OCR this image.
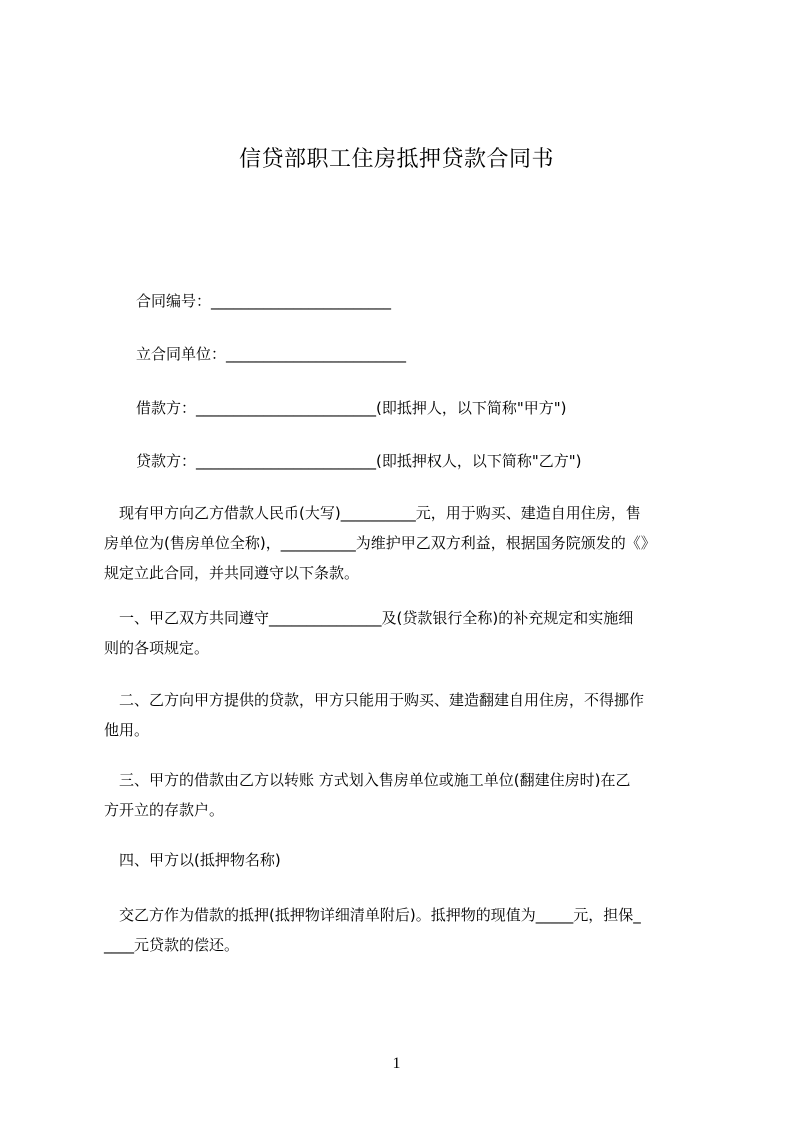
信贷部职工住房抵押贷款合同书
合同编号：________________________
立合同单位：________________________
借款方：________________________(即抵押人，以下简称"甲方")
贷款方：________________________(即抵押权人，以下简称"乙方")
　现有甲方向乙方借款人民币(大写)__________元，用于购买、建造自用住房，售
房单位为(售房单位全称)，__________为维护甲乙双方利益，根据国务院颁发的《》
规定立此合同，并共同遵守以下条款。
　一、甲乙双方共同遵守_______________及(贷款银行全称)的补充规定和实施细
则的各项规定。
　二、乙方向甲方提供的贷款，甲方只能用于购买、建造翻建自用住房，不得挪作
他用。
　三、甲方的借款由乙方以转账 方式划入售房单位或施工单位(翻建住房时)在乙
方开立的存款户。
　四、甲方以(抵押物名称)
　交乙方作为借款的抵押(抵押物详细清单附后)。抵押物的现值为_____元，担保_
____元贷款的偿还。
1
